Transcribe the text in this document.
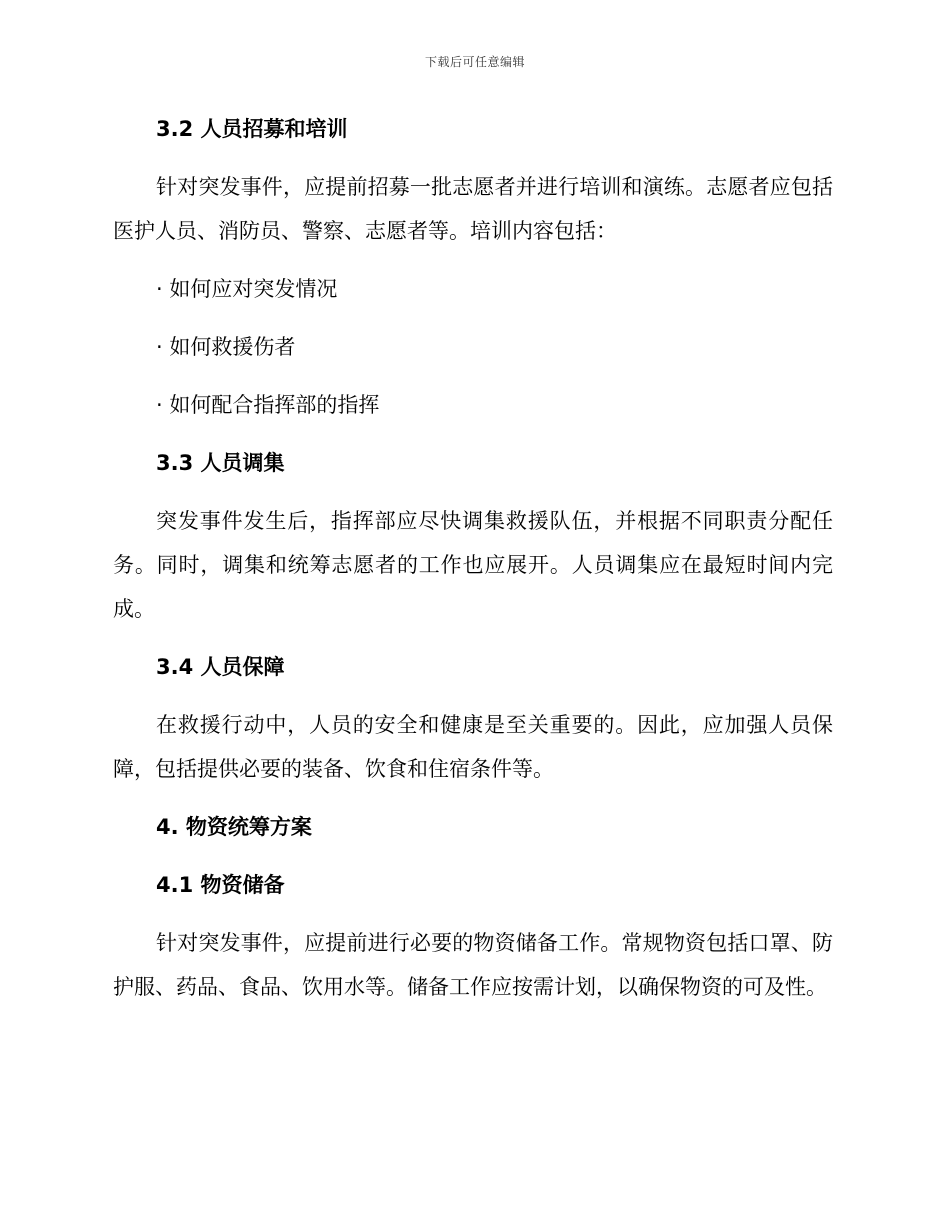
下载后可任意编辑
3.2 人员招募和培训

针对突发事件，应提前招募一批志愿者并进行培训和演练。志愿者应包括医护人员、消防员、警察、志愿者等。培训内容包括：

· 如何应对突发情况

· 如何救援伤者

· 如何配合指挥部的指挥

3.3 人员调集

突发事件发生后，指挥部应尽快调集救援队伍，并根据不同职责分配任务。同时，调集和统筹志愿者的工作也应展开。人员调集应在最短时间内完成。

3.4 人员保障

在救援行动中，人员的安全和健康是至关重要的。因此，应加强人员保障，包括提供必要的装备、饮食和住宿条件等。

4. 物资统筹方案
4.1 物资储备

针对突发事件，应提前进行必要的物资储备工作。常规物资包括口罩、防护服、药品、食品、饮用水等。储备工作应按需计划，以确保物资的可及性。
